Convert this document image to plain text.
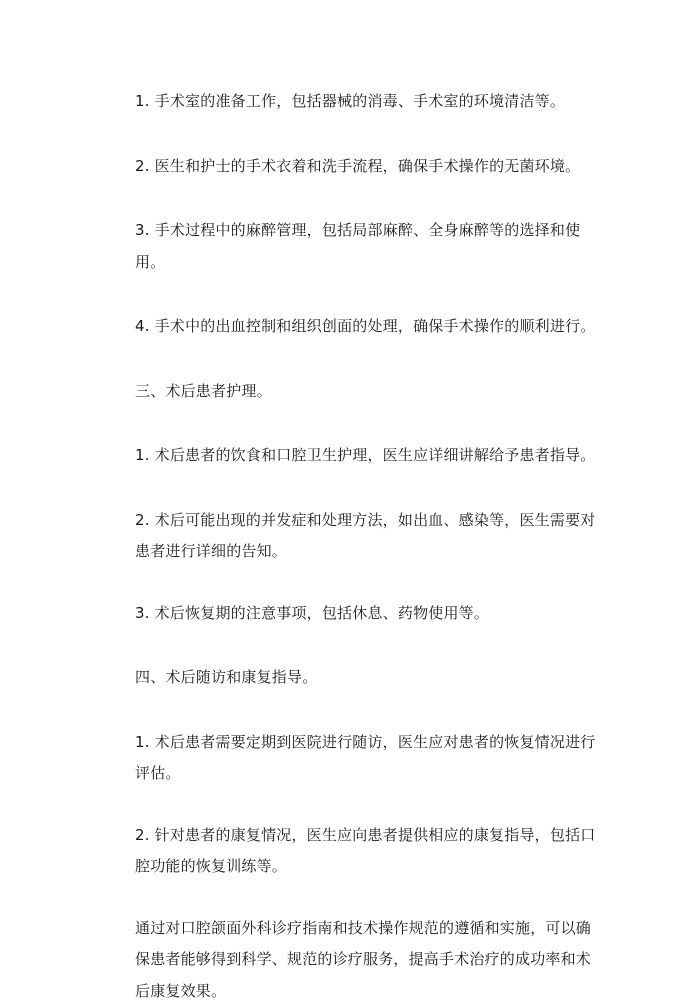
1. 手术室的准备工作，包括器械的消毒、手术室的环境清洁等。

2. 医生和护士的手术衣着和洗手流程，确保手术操作的无菌环境。

3. 手术过程中的麻醉管理，包括局部麻醉、全身麻醉等的选择和使用。

4. 手术中的出血控制和组织创面的处理，确保手术操作的顺利进行。

三、术后患者护理。

1. 术后患者的饮食和口腔卫生护理，医生应详细讲解给予患者指导。

2. 术后可能出现的并发症和处理方法，如出血、感染等，医生需要对患者进行详细的告知。

3. 术后恢复期的注意事项，包括休息、药物使用等。

四、术后随访和康复指导。

1. 术后患者需要定期到医院进行随访，医生应对患者的恢复情况进行评估。

2. 针对患者的康复情况，医生应向患者提供相应的康复指导，包括口腔功能的恢复训练等。

通过对口腔颌面外科诊疗指南和技术操作规范的遵循和实施，可以确保患者能够得到科学、规范的诊疗服务，提高手术治疗的成功率和术后康复效果。
